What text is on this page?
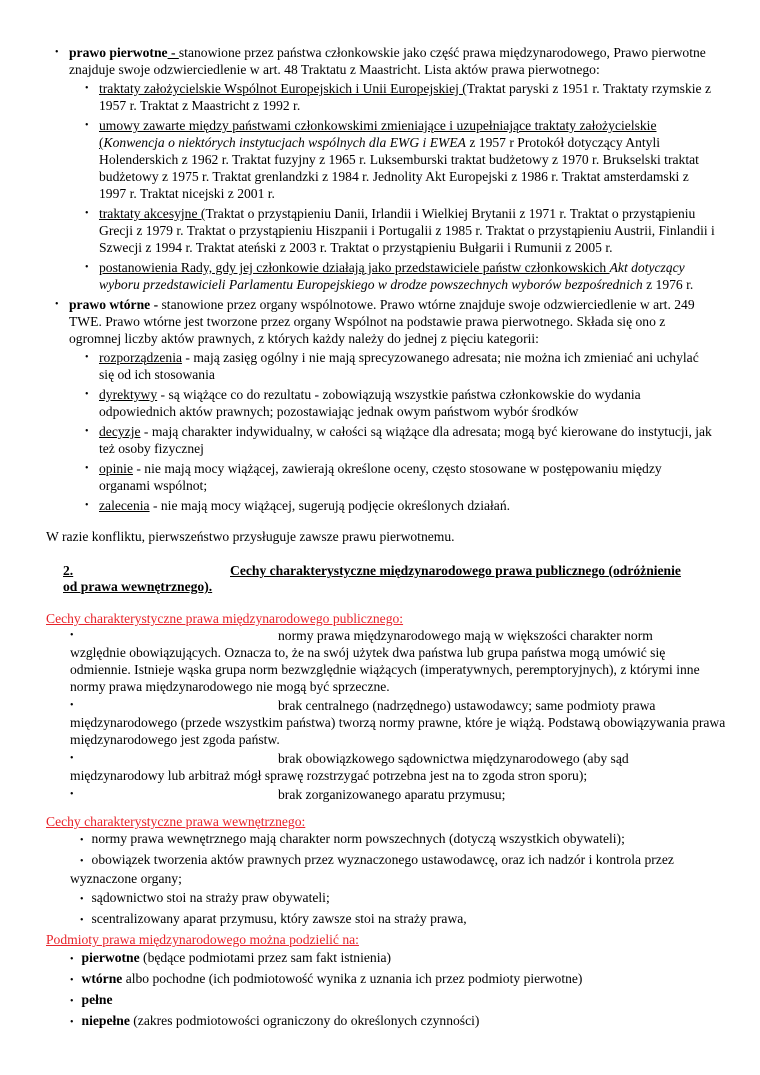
• prawo pierwotne - stanowione przez państwa członkowskie jako część prawa międzynarodowego, Prawo pierwotne znajduje swoje odzwierciedlenie w art. 48 Traktatu z Maastricht. Lista aktów prawa pierwotnego:
• traktaty założycielskie Wspólnot Europejskich i Unii Europejskiej (Traktat paryski z 1951 r. Traktaty rzymskie z 1957 r. Traktat z Maastricht z 1992 r.
• umowy zawarte między państwami członkowskimi zmieniające i uzupełniające traktaty założycielskie (Konwencja o niektórych instytucjach wspólnych dla EWG i EWEA z 1957 r Protokół dotyczący Antyli Holenderskich z 1962 r. Traktat fuzyjny z 1965 r. Luksemburski traktat budżetowy z 1970 r. Brukselski traktat budżetowy z 1975 r. Traktat grenlandzki z 1984 r. Jednolity Akt Europejski z 1986 r. Traktat amsterdamski z 1997 r. Traktat nicejski z 2001 r.
• traktaty akcesyjne (Traktat o przystąpieniu Danii, Irlandii i Wielkiej Brytanii z 1971 r. Traktat o przystąpieniu Grecji z 1979 r. Traktat o przystąpieniu Hiszpanii i Portugalii z 1985 r. Traktat o przystąpieniu Austrii, Finlandii i Szwecji z 1994 r. Traktat ateński z 2003 r. Traktat o przystąpieniu Bułgarii i Rumunii z 2005 r.
• postanowienia Rady, gdy jej członkowie działają jako przedstawiciele państw członkowskich Akt dotyczący wyboru przedstawicieli Parlamentu Europejskiego w drodze powszechnych wyborów bezpośrednich z 1976 r.
• prawo wtórne - stanowione przez organy wspólnotowe. Prawo wtórne znajduje swoje odzwierciedlenie w art. 249 TWE. Prawo wtórne jest tworzone przez organy Wspólnot na podstawie prawa pierwotnego. Składa się ono z ogromnej liczby aktów prawnych, z których każdy należy do jednej z pięciu kategorii:
• rozporządzenia - mają zasięg ogólny i nie mają sprecyzowanego adresata; nie można ich zmieniać ani uchylać się od ich stosowania
• dyrektywy - są wiążące co do rezultatu - zobowiązują wszystkie państwa członkowskie do wydania odpowiednich aktów prawnych; pozostawiając jednak owym państwom wybór środków
• decyzje - mają charakter indywidualny, w całości są wiążące dla adresata; mogą być kierowane do instytucji, jak też osoby fizycznej
• opinie - nie mają mocy wiążącej, zawierają określone oceny, często stosowane w postępowaniu między organami wspólnot;
• zalecenia - nie mają mocy wiążącej, sugerują podjęcie określonych działań.
W razie konfliktu, pierwszeństwo przysługuje zawsze prawu pierwotnemu.
2.	Cechy charakterystyczne międzynarodowego prawa publicznego (odróżnienie
od prawa wewnętrznego).
Cechy charakterystyczne prawa międzynarodowego publicznego:
•	normy prawa międzynarodowego mają w większości charakter norm
względnie obowiązujących. Oznacza to, że na swój użytek dwa państwa lub grupa państwa mogą umówić się odmiennie. Istnieje wąska grupa norm bezwzględnie wiążących (imperatywnych, peremptoryjnych), z którymi inne normy prawa międzynarodowego nie mogą być sprzeczne.
•	brak centralnego (nadrzędnego) ustawodawcy; same podmioty prawa
międzynarodowego (przede wszystkim państwa) tworzą normy prawne, które je wiążą. Podstawą obowiązywania prawa międzynarodowego jest zgoda państw.
•	brak obowiązkowego sądownictwa międzynarodowego (aby sąd
międzynarodowy lub arbitraż mógł sprawę rozstrzygać potrzebna jest na to zgoda stron sporu);
•	brak zorganizowanego aparatu przymusu;
Cechy charakterystyczne prawa wewnętrznego:
• normy prawa wewnętrznego mają charakter norm powszechnych (dotyczą wszystkich obywateli);
• obowiązek tworzenia aktów prawnych przez wyznaczonego ustawodawcę, oraz ich nadzór i kontrola przez wyznaczone organy;
• sądownictwo stoi na straży praw obywateli;
• scentralizowany aparat przymusu, który zawsze stoi na straży prawa,
Podmioty prawa międzynarodowego można podzielić na:
• pierwotne (będące podmiotami przez sam fakt istnienia)
• wtórne albo pochodne (ich podmiotowość wynika z uznania ich przez podmioty pierwotne)
• pełne
• niepełne (zakres podmiotowości ograniczony do określonych czynności)
